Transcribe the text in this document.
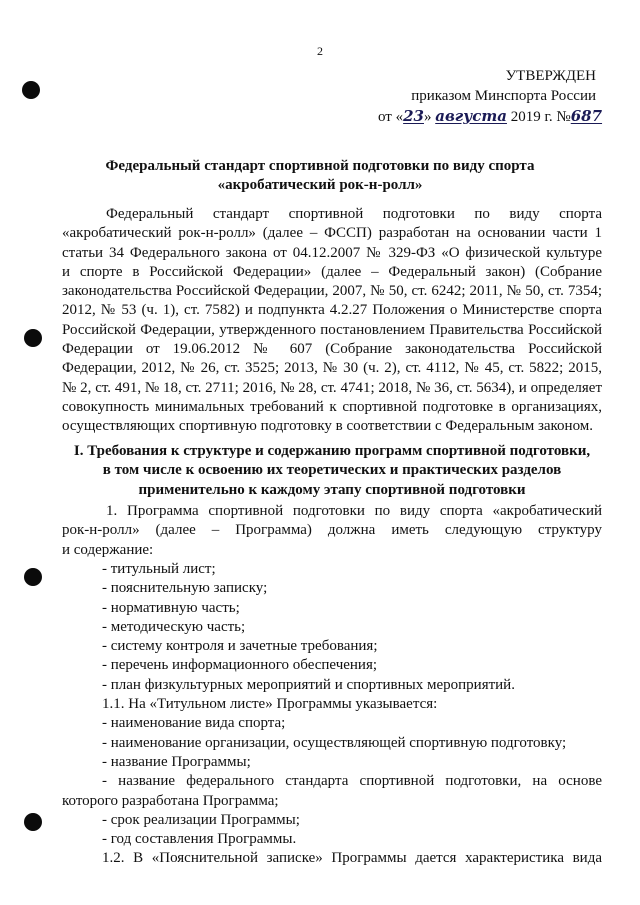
2
УТВЕРЖДЕН
приказом Минспорта России
от «23» августа 2019 г. №687
Федеральный стандарт спортивной подготовки по виду спорта
«акробатический рок-н-ролл»
Федеральный стандарт спортивной подготовки по виду спорта
«акробатический рок-н-ролл» (далее – ФССП) разработан на основании части 1
статьи 34 Федерального закона от 04.12.2007 № 329-ФЗ «О физической культуре
и спорте в Российской Федерации» (далее – Федеральный закон) (Собрание
законодательства Российской Федерации, 2007, № 50, ст. 6242; 2011, № 50, ст. 7354;
2012, № 53 (ч. 1), ст. 7582) и подпункта 4.2.27 Положения о Министерстве спорта
Российской Федерации, утвержденного постановлением Правительства Российской
Федерации от 19.06.2012 № 607 (Собрание законодательства Российской
Федерации, 2012, № 26, ст. 3525; 2013, № 30 (ч. 2), ст. 4112, № 45, ст. 5822; 2015,
№ 2, ст. 491, № 18, ст. 2711; 2016, № 28, ст. 4741; 2018, № 36, ст. 5634), и определяет
совокупность минимальных требований к спортивной подготовке в организациях,
осуществляющих спортивную подготовку в соответствии с Федеральным законом.
I. Требования к структуре и содержанию программ спортивной подготовки,
в том числе к освоению их теоретических и практических разделов
применительно к каждому этапу спортивной подготовки
1. Программа спортивной подготовки по виду спорта «акробатический
рок-н-ролл» (далее – Программа) должна иметь следующую структуру
и содержание:
- титульный лист;
- пояснительную записку;
- нормативную часть;
- методическую часть;
- систему контроля и зачетные требования;
- перечень информационного обеспечения;
- план физкультурных мероприятий и спортивных мероприятий.
1.1. На «Титульном листе» Программы указывается:
- наименование вида спорта;
- наименование организации, осуществляющей спортивную подготовку;
- название Программы;
- название федерального стандарта спортивной подготовки, на основе
которого разработана Программа;
- срок реализации Программы;
- год составления Программы.
1.2. В «Пояснительной записке» Программы дается характеристика вида
